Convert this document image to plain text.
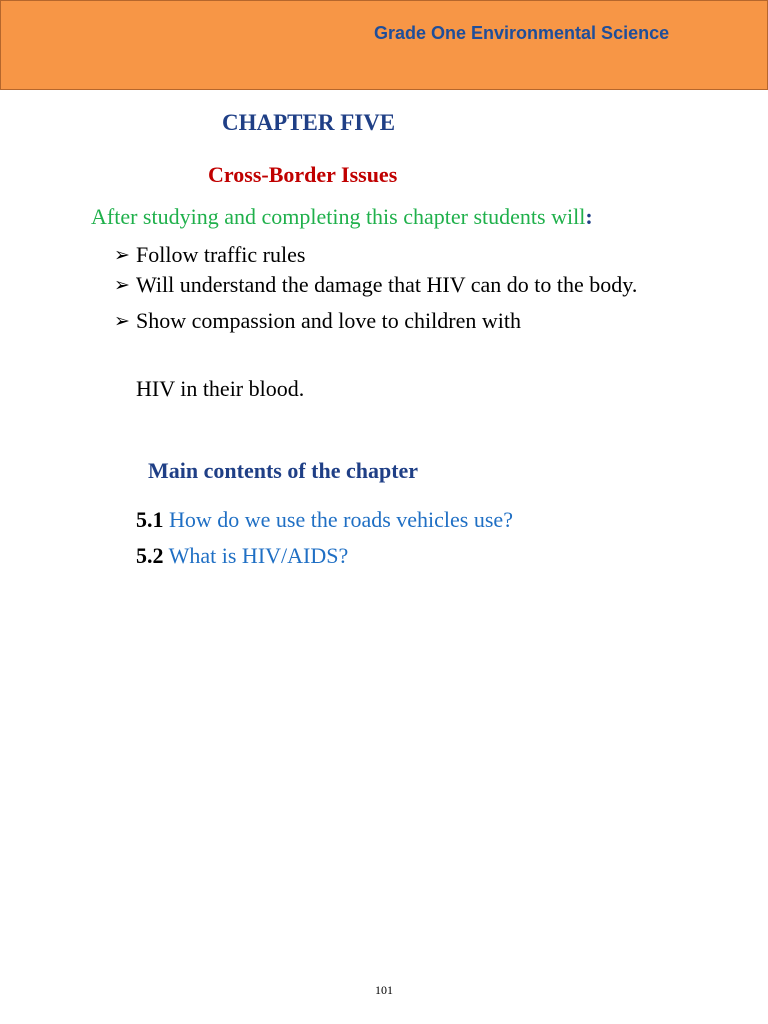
Grade One Environmental Science
CHAPTER FIVE
Cross-Border Issues
After studying and completing this chapter students will:
➢ Follow traffic rules
➢ Will understand the damage that HIV can do to the body.
➢ Show compassion and love to children with
HIV in their blood.
Main contents of the chapter
5.1 How do we use the roads vehicles use?
5.2 What is HIV/AIDS?
101
